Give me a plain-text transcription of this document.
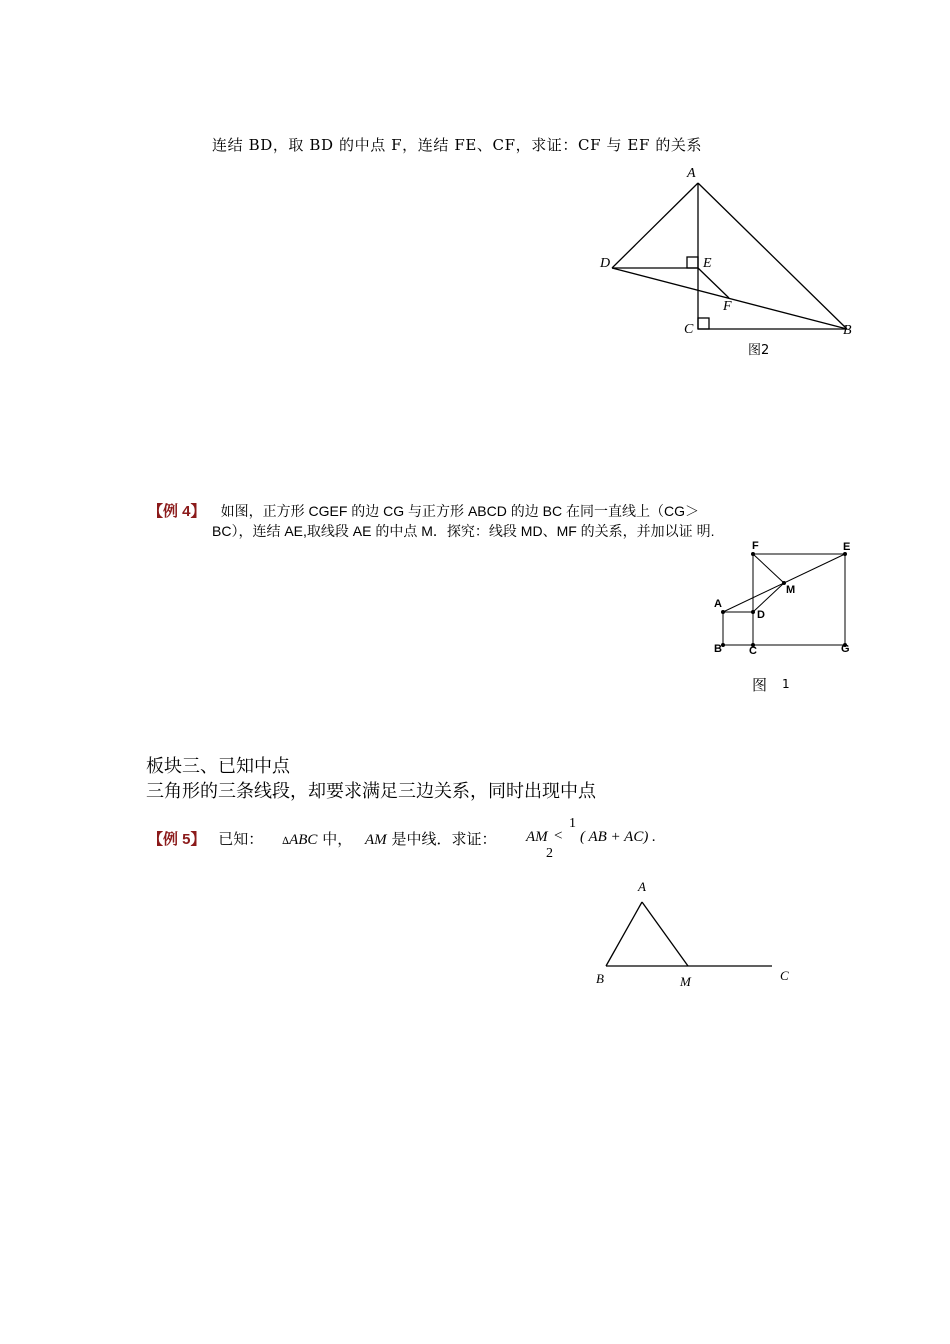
连结 BD，取 BD 的中点 F，连结 FE、CF，求证：CF 与 EF 的关系
A
D	E
F
C	B
图2
【例 4】 如图，正方形 CGEF 的边 CG 与正方形 ABCD 的边 BC 在同一直线上（CG＞
BC），连结 AE,取线段 AE 的中点 M．探究：线段 MD、MF 的关系，并加以证 明.
F	E
M
A
D
B C	G
图 1
板块三、已知中点
三角形的三条线段，却要求满足三边关系，同时出现中点
【例 5】 已知： ∆ABC 中， AM 是中线．求证： AM <
1
2
( AB + AC) .
A
B	M	C
